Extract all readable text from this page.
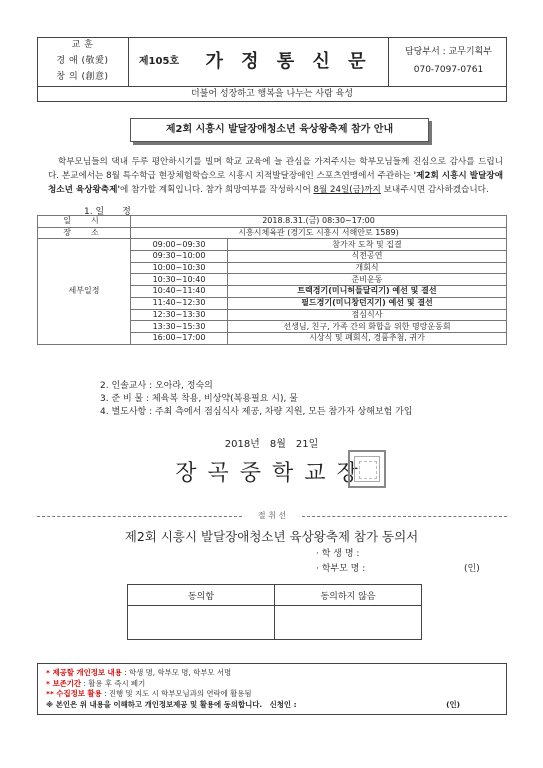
교 훈
경 애 (敬愛)
창 의 (創意)
제105호	가 정 통 신 문	담당부서 : 교무기획부
070-7097-0761
더불어 성장하고 행복을 나누는 사람 육성
제2회 시흥시 발달장애청소년 육상왕축제 참가 안내
학부모님들의 댁내 두루 평안하시기를 빌며 학교 교육에 늘 관심을 가져주시는 학부모님들께 진심으로 감사를 드립니다. 본교에서는 8월 특수학급 현장체험학습으로 시흥시 지적발달장애인 스포츠연맹에서 주관하는 '제2회 시흥시 발달장애청소년 육상왕축제'에 참가할 계획입니다. 참가 희망여부를 작성하시어 8월 24일(금)까지 보내주시면 감사하겠습니다.
1. 일　　정
일　시	2018.8.31.(금) 08:30~17:00	
장　소	시흥시체육관 (경기도 시흥시 서해안로 1589)	
세부일정	09:00~09:30	참가자 도착 및 집결
	09:30~10:00	식전공연
	10:00~10:30	개회식
	10:30~10:40	준비운동
	10:40~11:40	트랙경기(미니허들달리기) 예선 및 결선
	11:40~12:30	필드경기(미니창던지기) 예선 및 결선
	12:30~13:30	점심식사
	13:30~15:30	선생님, 친구, 가족 간의 화합을 위한 명랑운동회
	16:00~17:00	시상식 및 폐회식, 경품추첨, 귀가
2. 인솔교사 : 오아라, 정숙의
3. 준 비 물 : 체육복 착용, 비상약(복용필요 시), 물
4. 별도사항 : 주최 측에서 점심식사 제공, 차량 지원, 모든 참가자 상해보험 가입
2018년　8월　21일
장곡중학교장
절 취 선
제2회 시흥시 발달장애청소년 육상왕축제 참가 동의서
· 학 생 명 :
· 학부모 명 :	(인)
동의함	동의하지 않음

* 제공할 개인정보 내용 : 학생 명, 학부모 명, 학부모 서명
* 보존기간 : 활용 후 즉시 폐기
** 수집정보 활용 : 진행 및 지도 시 학부모님과의 연락에 활용됨
※ 본인은 위 내용을 이해하고 개인정보제공 및 활용에 동의합니다.　신청인 :	(인)
